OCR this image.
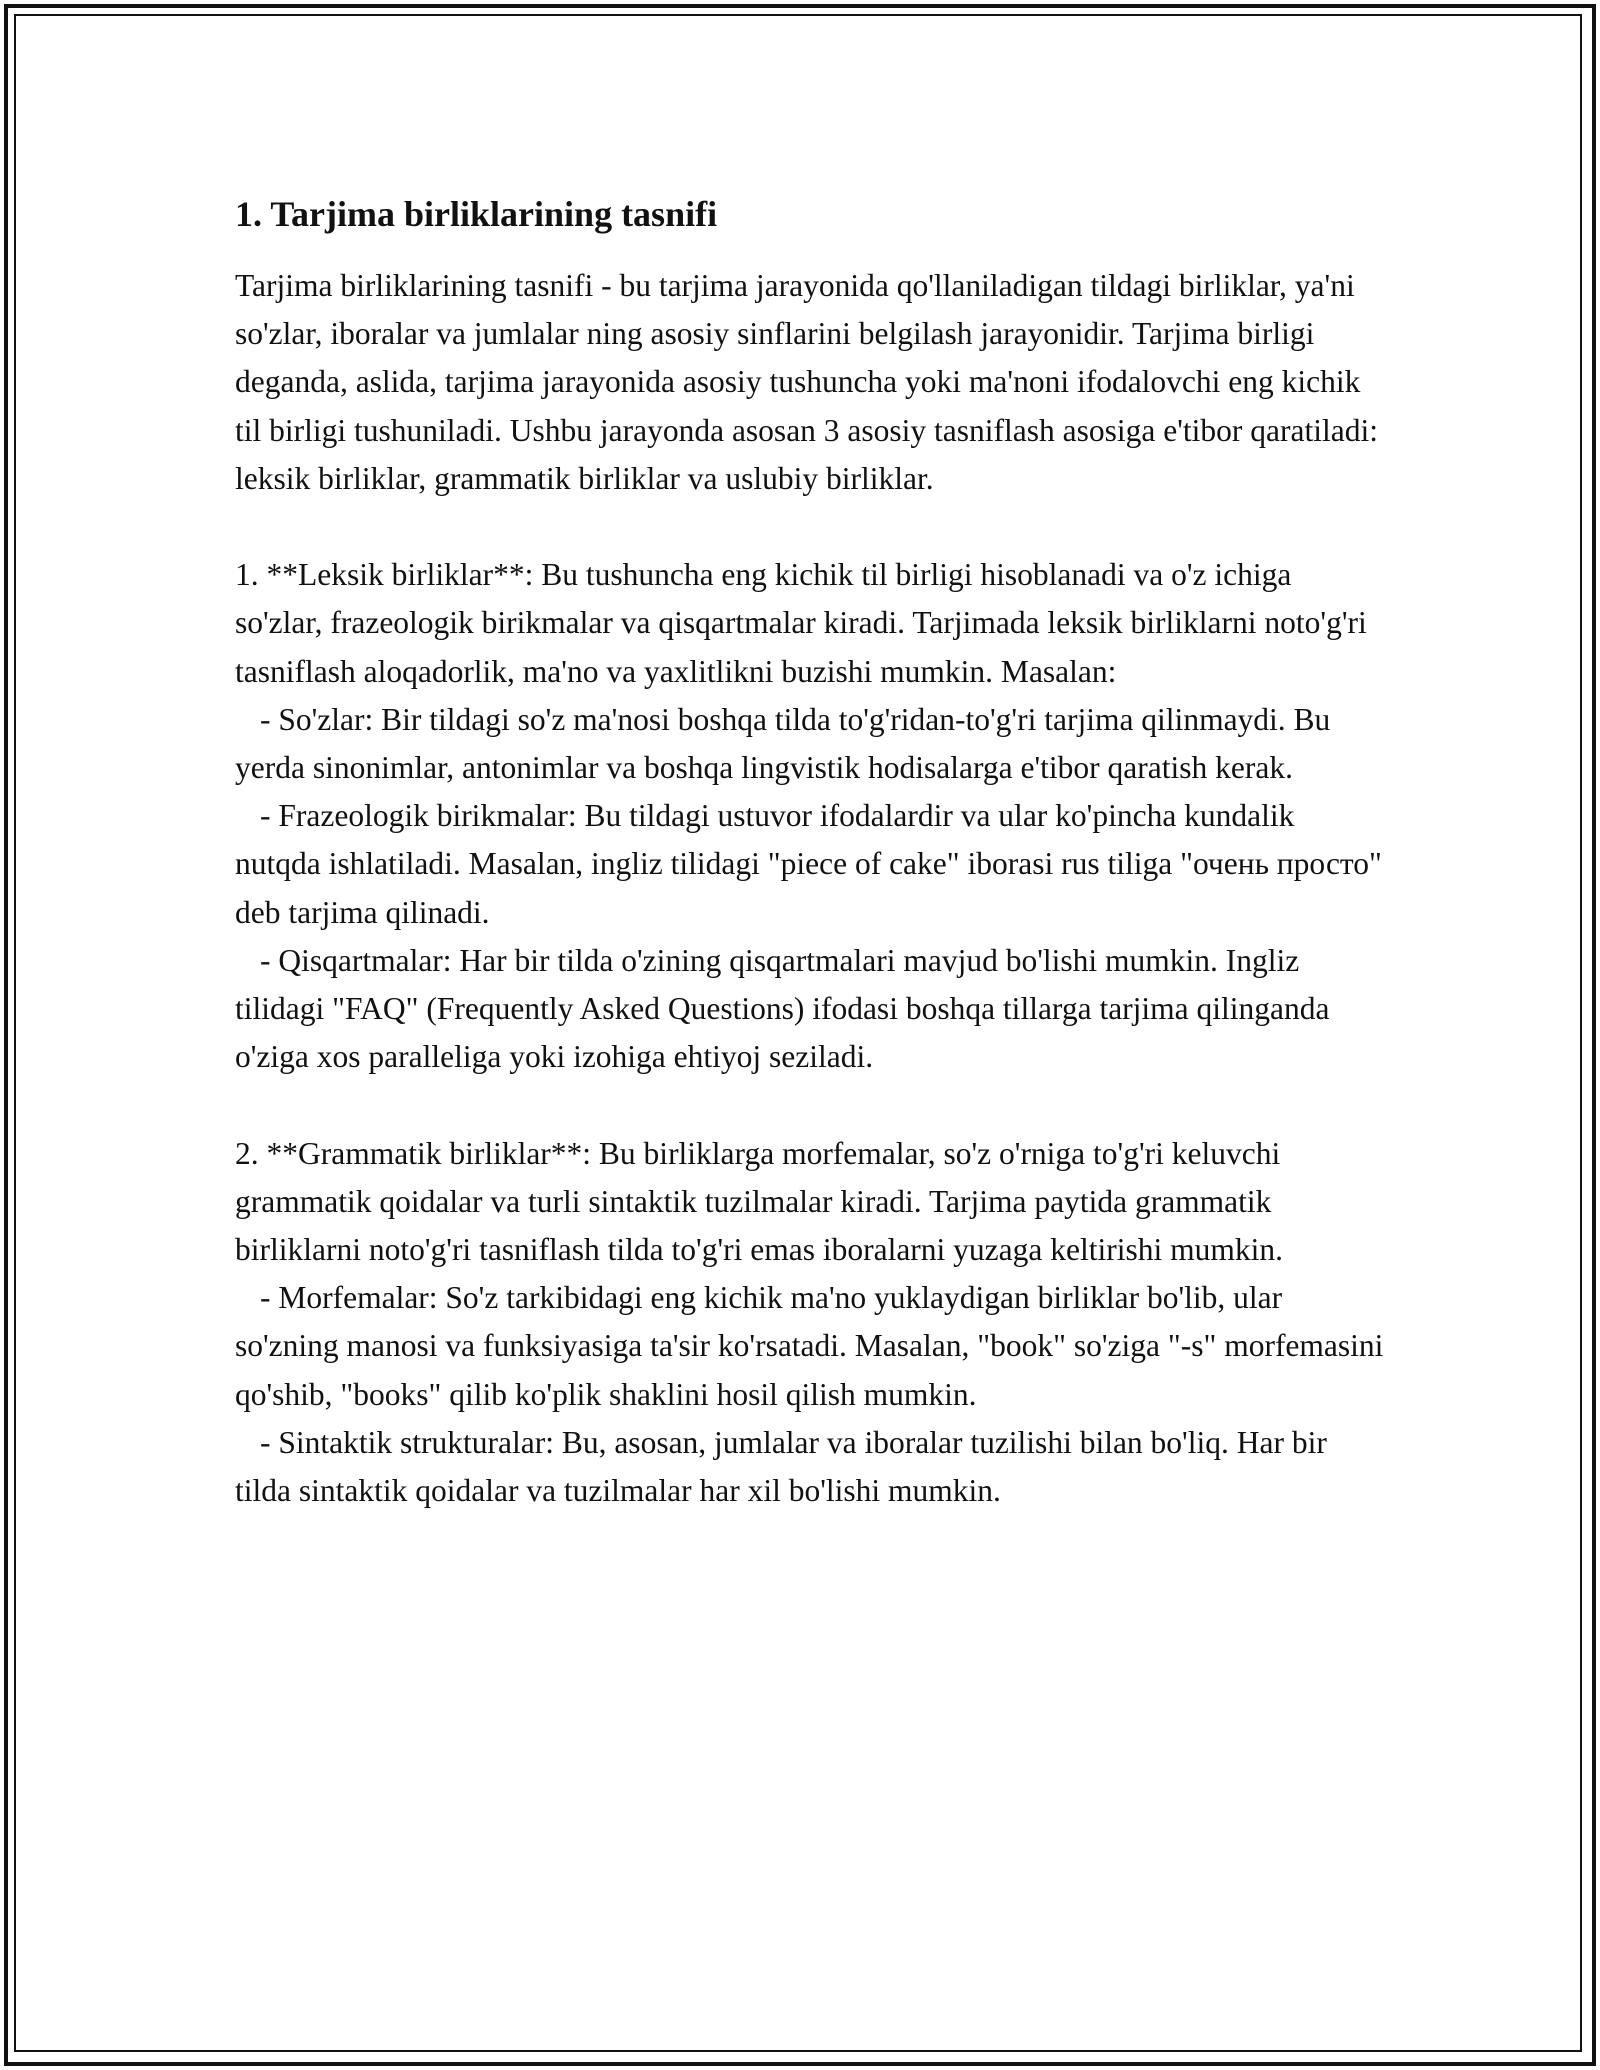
1. Tarjima birliklarining tasnifi

Tarjima birliklarining tasnifi - bu tarjima jarayonida qo'llaniladigan tildagi birliklar, ya'ni so'zlar, iboralar va jumlalar ning asosiy sinflarini belgilash jarayonidir. Tarjima birligi deganda, aslida, tarjima jarayonida asosiy tushuncha yoki ma'noni ifodalovchi eng kichik til birligi tushuniladi. Ushbu jarayonda asosan 3 asosiy tasniflash asosiga e'tibor qaratiladi: leksik birliklar, grammatik birliklar va uslubiy birliklar.

1. **Leksik birliklar**: Bu tushuncha eng kichik til birligi hisoblanadi va o'z ichiga so'zlar, frazeologik birikmalar va qisqartmalar kiradi. Tarjimada leksik birliklarni noto'g'ri tasniflash aloqadorlik, ma'no va yaxlitlikni buzishi mumkin. Masalan:

- So'zlar: Bir tildagi so'z ma'nosi boshqa tilda to'g'ridan-to'g'ri tarjima qilinmaydi. Bu yerda sinonimlar, antonimlar va boshqa lingvistik hodisalarga e'tibor qaratish kerak.

- Frazeologik birikmalar: Bu tildagi ustuvor ifodalardir va ular ko'pincha kundalik nutqda ishlatiladi. Masalan, ingliz tilidagi "piece of cake" iborasi rus tiliga "очень просто" deb tarjima qilinadi.

- Qisqartmalar: Har bir tilda o'zining qisqartmalari mavjud bo'lishi mumkin. Ingliz tilidagi "FAQ" (Frequently Asked Questions) ifodasi boshqa tillarga tarjima qilinganda o'ziga xos paralleliga yoki izohiga ehtiyoj seziladi.

2. **Grammatik birliklar**: Bu birliklarga morfemalar, so'z o'rniga to'g'ri keluvchi grammatik qoidalar va turli sintaktik tuzilmalar kiradi. Tarjima paytida grammatik birliklarni noto'g'ri tasniflash tilda to'g'ri emas iboralarni yuzaga keltirishi mumkin.

- Morfemalar: So'z tarkibidagi eng kichik ma'no yuklaydigan birliklar bo'lib, ular so'zning manosi va funksiyasiga ta'sir ko'rsatadi. Masalan, "book" so'ziga "-s" morfemasini qo'shib, "books" qilib ko'plik shaklini hosil qilish mumkin.

- Sintaktik strukturalar: Bu, asosan, jumlalar va iboralar tuzilishi bilan bo'liq. Har bir tilda sintaktik qoidalar va tuzilmalar har xil bo'lishi mumkin.
